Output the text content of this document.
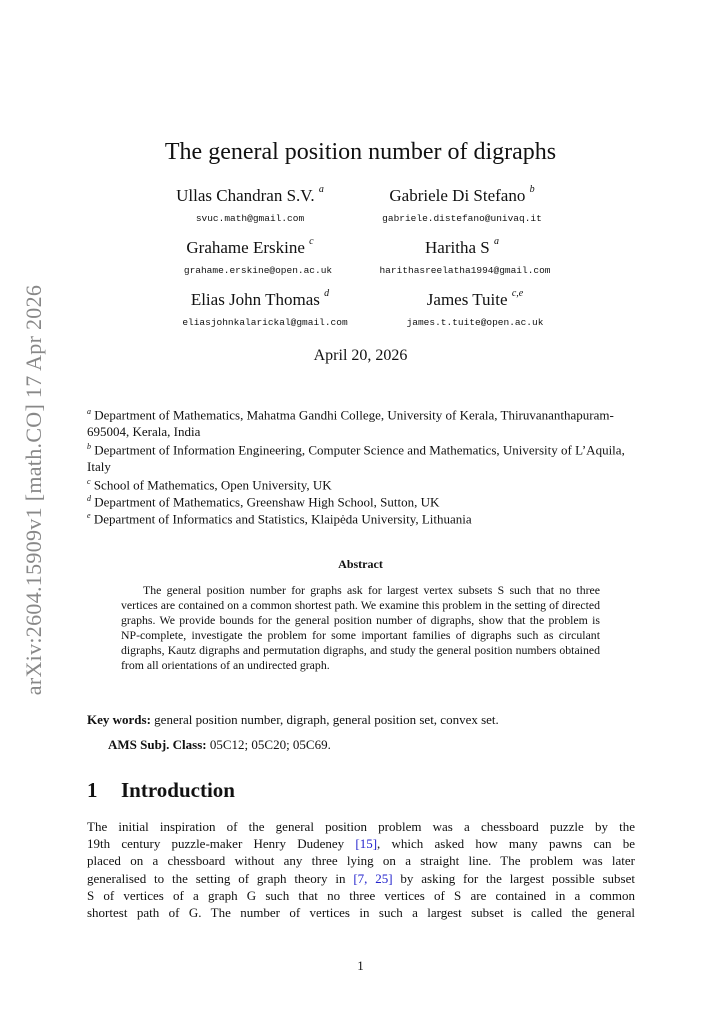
arXiv:2604.15909v1 [math.CO] 17 Apr 2026
The general position number of digraphs
Ullas Chandran S.V. $^a$
svuc.math@gmail.com
Gabriele Di Stefano $^b$
gabriele.distefano@univaq.it
Grahame Erskine $^c$
grahame.erskine@open.ac.uk
Haritha S $^a$
harithasreelatha1994@gmail.com
Elias John Thomas $^d$
eliasjohnkalarickal@gmail.com
James Tuite $^{c,e}$
james.t.tuite@open.ac.uk
April 20, 2026
$^a$ Department of Mathematics, Mahatma Gandhi College, University of Kerala, Thiruvananthapuram-695004, Kerala, India
$^b$ Department of Information Engineering, Computer Science and Mathematics, University of L’Aquila, Italy
$^c$ School of Mathematics, Open University, UK
$^d$ Department of Mathematics, Greenshaw High School, Sutton, UK
$^e$ Department of Informatics and Statistics, Klaipėda University, Lithuania
Abstract
The general position number for graphs ask for largest vertex subsets S such that no three vertices are contained on a common shortest path. We examine this problem in the setting of directed graphs. We provide bounds for the general position number of digraphs, show that the problem is NP-complete, investigate the problem for some important families of digraphs such as circulant digraphs, Kautz digraphs and permutation digraphs, and study the general position numbers obtained from all orientations of an undirected graph.
Key words: general position number, digraph, general position set, convex set.
AMS Subj. Class: 05C12; 05C20; 05C69.
1 Introduction
The initial inspiration of the general position problem was a chessboard puzzle by the
19th century puzzle-maker Henry Dudeney [15], which asked how many pawns can be
placed on a chessboard without any three lying on a straight line. The problem was later
generalised to the setting of graph theory in [7, 25] by asking for the largest possible subset
S of vertices of a graph G such that no three vertices of S are contained in a common
shortest path of G. The number of vertices in such a largest subset is called the general
1
